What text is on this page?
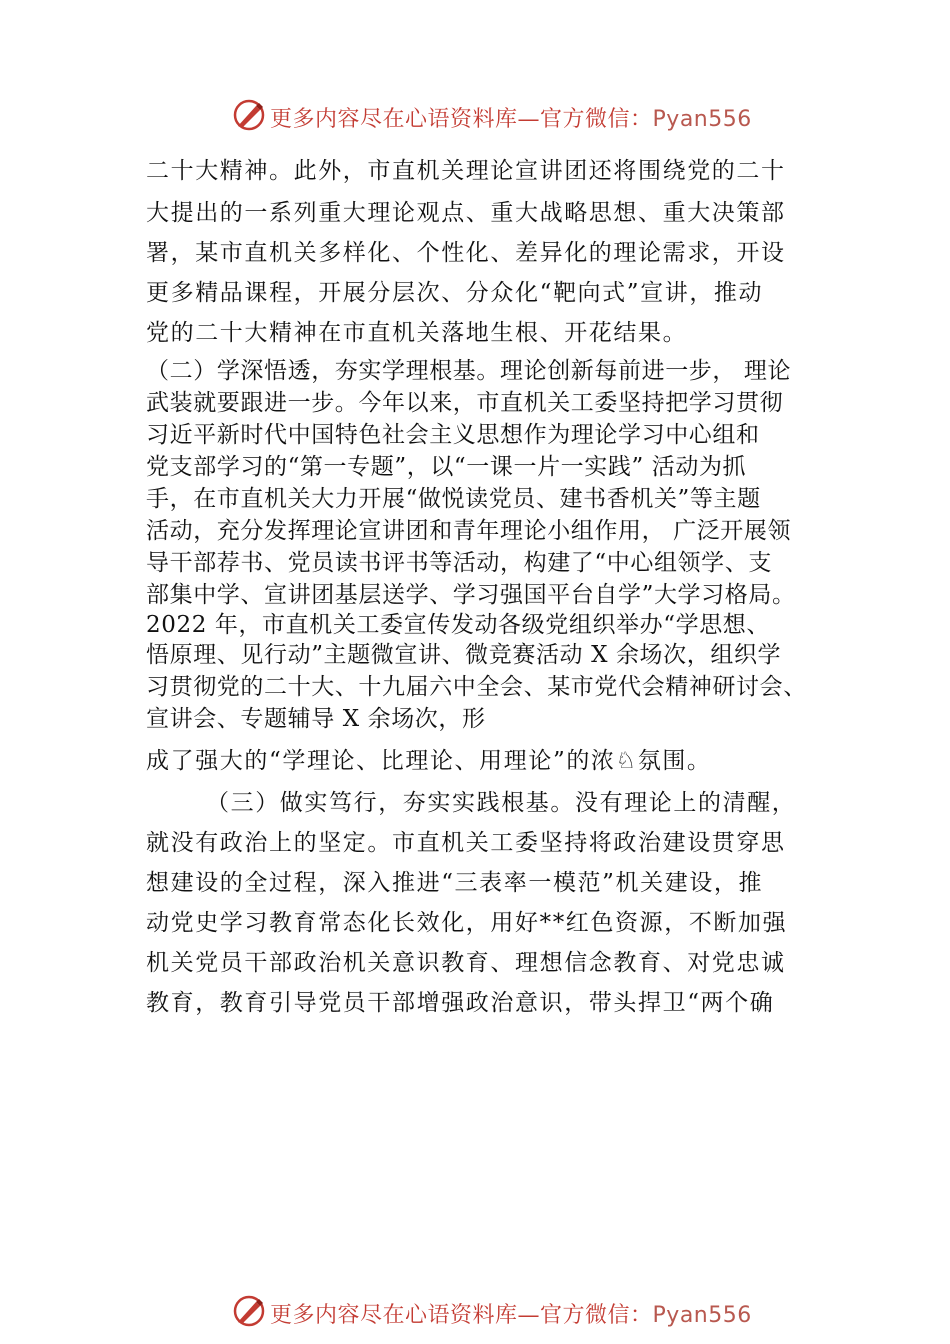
更多内容尽在心语资料库—官方微信：Pyan556
二十大精神。此外，市直机关理论宣讲团还将围绕党的二十
大提出的一系列重大理论观点、重大战略思想、重大决策部
署，某市直机关多样化、个性化、差异化的理论需求，开设
更多精品课程，开展分层次、分众化“靶向式”宣讲，推动
党的二十大精神在市直机关落地生根、开花结果。
（二）学深悟透，夯实学理根基。理论创新每前进一步， 理论
武装就要跟进一步。今年以来，市直机关工委坚持把学习贯彻
习近平新时代中国特色社会主义思想作为理论学习中心组和
党支部学习的“第一专题”，以“一课一片一实践” 活动为抓
手，在市直机关大力开展“做悦读党员、建书香机关”等主题
活动，充分发挥理论宣讲团和青年理论小组作用， 广泛开展领
导干部荐书、党员读书评书等活动，构建了“中心组领学、支
部集中学、宣讲团基层送学、学习强国平台自学”大学习格局。
2022 年，市直机关工委宣传发动各级党组织举办“学思想、
悟原理、见行动”主题微宣讲、微竞赛活动 X 余场次，组织学
习贯彻党的二十大、十九届六中全会、某市党代会精神研讨会、
宣讲会、专题辅导 X 余场次，形
成了强大的“学理论、比理论、用理论”的浓♘氛围。
（三）做实笃行，夯实实践根基。没有理论上的清醒，
就没有政治上的坚定。市直机关工委坚持将政治建设贯穿思
想建设的全过程，深入推进“三表率一模范”机关建设，推
动党史学习教育常态化长效化，用好**红色资源，不断加强
机关党员干部政治机关意识教育、理想信念教育、对党忠诚
教育，教育引导党员干部增强政治意识，带头捍卫“两个确
更多内容尽在心语资料库—官方微信：Pyan556
